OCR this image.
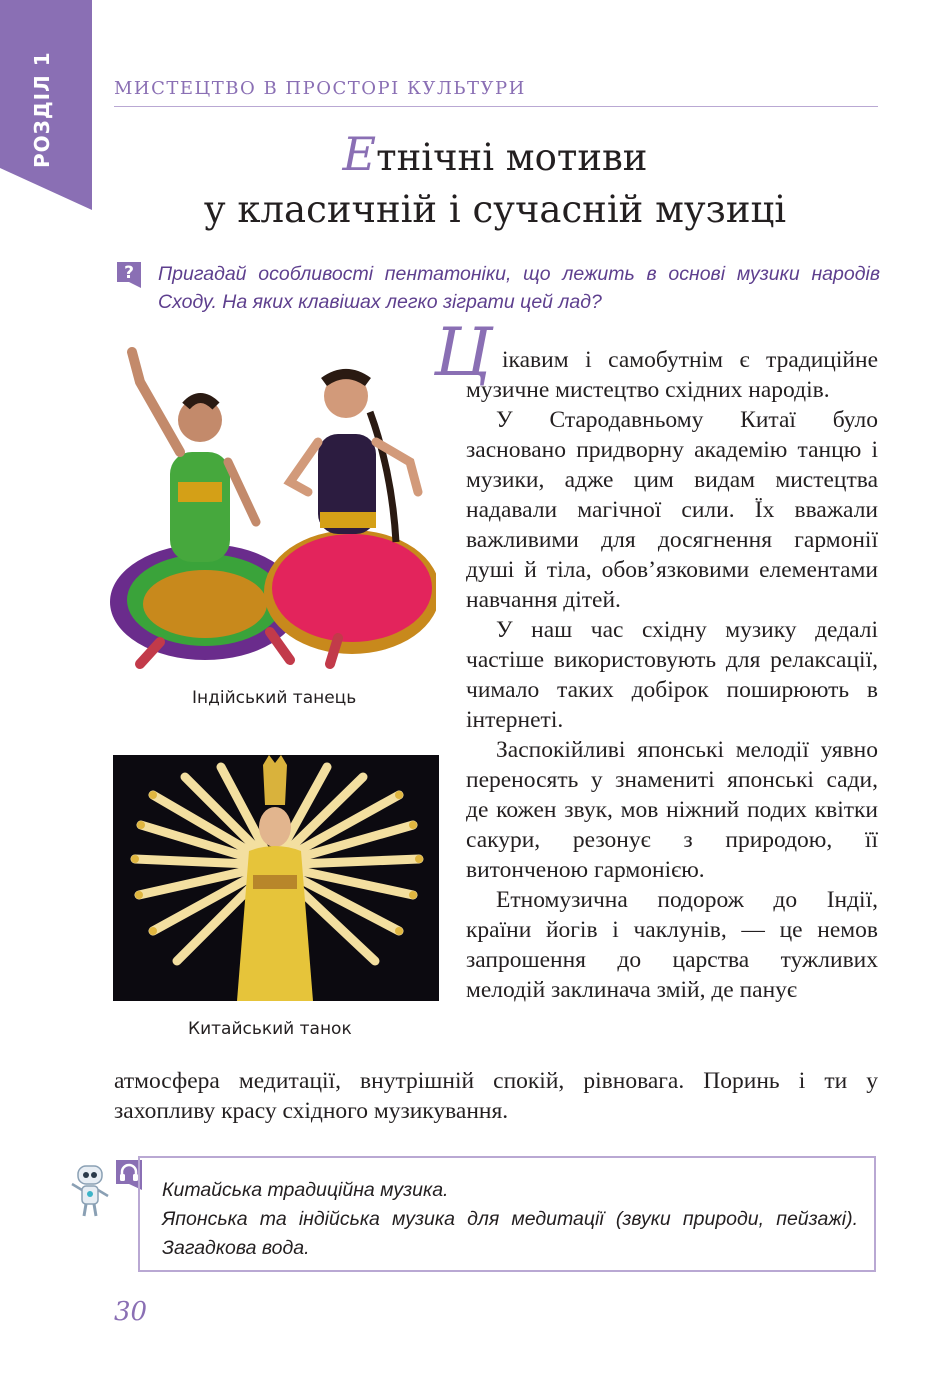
РОЗДІЛ 1	МИСТЕЦТВО В ПРОСТОРІ КУЛЬТУРИ
Етнічні мотиви
у класичній і сучасній музиці
?	Пригадай особливості пентатоніки, що лежить в основі музики народів Сходу. На яких клавішах легко зіграти цей лад?
Індійський танець
Китайський танок
Ц ікавим і самобутнім є традиційне музичне мистецтво східних народів.

У Стародавньому Китаї було засновано придворну академію танцю і музики, адже цим видам мистецтва надавали магічної сили. Їх вважали важливими для досягнення гармонії душі й тіла, обов’язковими елементами навчання дітей.

У наш час східну музику дедалі частіше використовують для релаксації, чимало таких добірок поширюють в інтернеті.

Заспокійливі японські мелодії уявно переносять у знамениті японські сади, де кожен звук, мов ніжний подих квітки сакури, резонує з природою, її витонченою гармонією.

Етномузична подорож до Індії, країни йогів і чаклунів, — це немов запрошення до царства тужливих мелодій заклинача змій, де панує

атмосфера медитації, внутрішній спокій, рівновага. Поринь і ти у захопливу красу східного музикування.

Китайська традиційна музика.
Японська та індійська музика для медитації (звуки природи, пейзажі). Загадкова вода.
30
